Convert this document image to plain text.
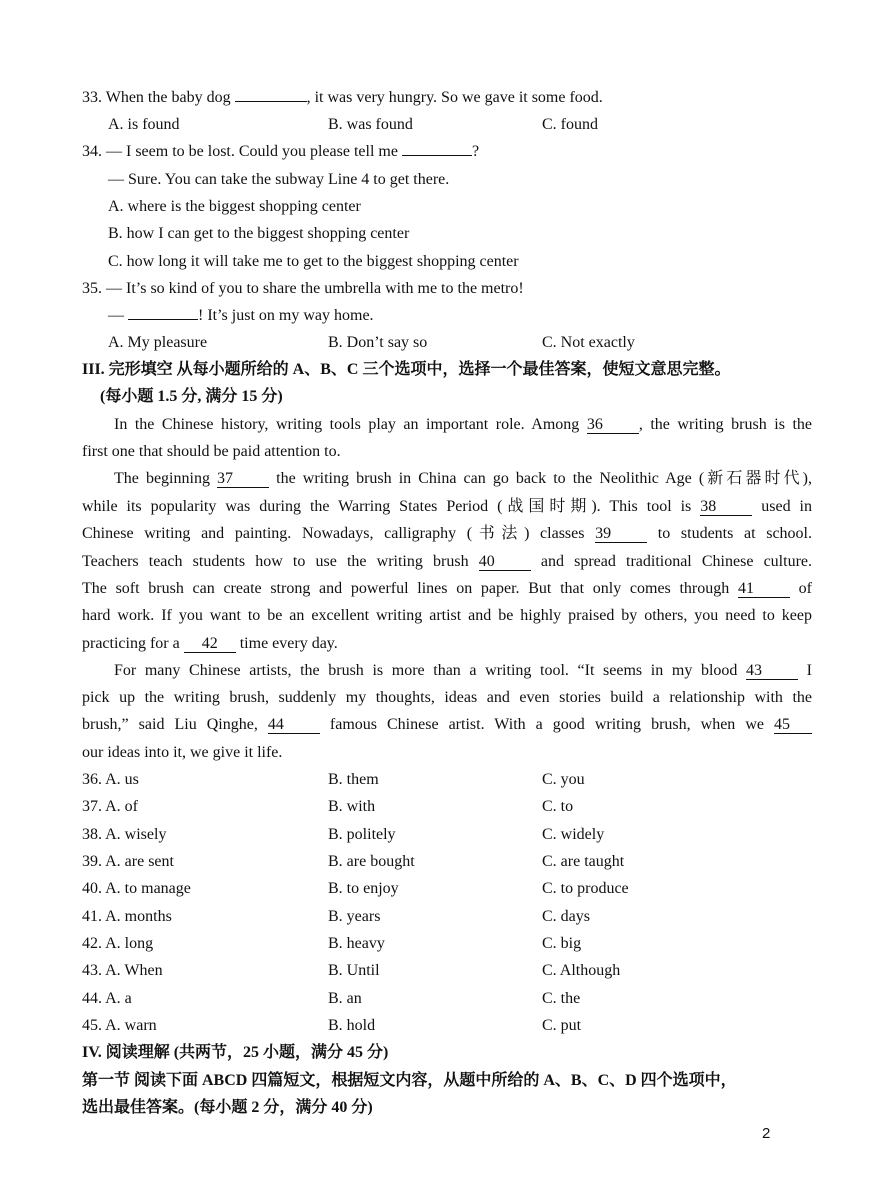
33. When the baby dog	, it was very hungry. So we gave it some food.
A. is found	B. was found	C. found
34. — I seem to be lost. Could you please tell me	?
— Sure. You can take the subway Line 4 to get there.
A. where is the biggest shopping center
B. how I can get to the biggest shopping center
C. how long it will take me to get to the biggest shopping center
35. — It’s so kind of you to share the umbrella with me to the metro!
—	! It’s just on my way home.
A. My pleasure	B. Don’t say so	C. Not exactly
III. 完形填空 从每小题所给的 A、B、C 三个选项中，选择一个最佳答案，使短文意思完整。
(每小题 1.5 分, 满分 15 分)
In the Chinese history, writing tools play an important role. Among 36 , the writing brush is the
first one that should be paid attention to.
The beginning 37 the writing brush in China can go back to the Neolithic Age (新石器时代),
while its popularity was during the Warring States Period (战国时期). This tool is 38 used in
Chinese writing and painting. Nowadays, calligraphy (书法) classes 39 to students at school.
Teachers teach students how to use the writing brush 40 and spread traditional Chinese culture.
The soft brush can create strong and powerful lines on paper. But that only comes through 41 of
hard work. If you want to be an excellent writing artist and be highly praised by others, you need to keep
practicing for a 42 time every day.
For many Chinese artists, the brush is more than a writing tool. “It seems in my blood 43 I
pick up the writing brush, suddenly my thoughts, ideas and even stories build a relationship with the
brush,” said Liu Qinghe, 44 famous Chinese artist. With a good writing brush, when we 45
our ideas into it, we give it life.
36. A. us	B. them	C. you
37. A. of	B. with	C. to
38. A. wisely	B. politely	C. widely
39. A. are sent	B. are bought	C. are taught
40. A. to manage	B. to enjoy	C. to produce
41. A. months	B. years	C. days
42. A. long	B. heavy	C. big
43. A. When	B. Until	C. Although
44. A. a	B. an	C. the
45. A. warn	B. hold	C. put
IV. 阅读理解 (共两节，25 小题，满分 45 分)
第一节 阅读下面 ABCD 四篇短文，根据短文内容，从题中所给的 A、B、C、D 四个选项中，
选出最佳答案。(每小题 2 分，满分 40 分)
2
